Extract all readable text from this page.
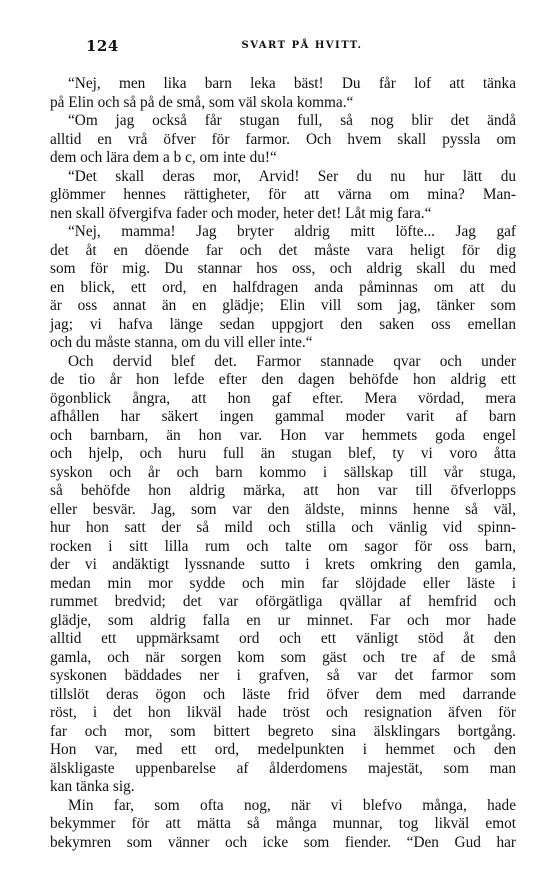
124	SVART PÅ HVITT.
“Nej, men lika barn leka bäst! Du får lof att tänka
på Elin och så på de små, som väl skola komma.“
“Om jag också får stugan full, så nog blir det ändå
alltid en vrå öfver för farmor. Och hvem skall pyssla om
dem och lära dem a b c, om inte du!“
“Det skall deras mor, Arvid! Ser du nu hur lätt du
glömmer hennes rättigheter, för att värna om mina? Man-
nen skall öfvergifva fader och moder, heter det! Låt mig fara.“
“Nej, mamma! Jag bryter aldrig mitt löfte... Jag gaf
det åt en döende far och det måste vara heligt för dig
som för mig. Du stannar hos oss, och aldrig skall du med
en blick, ett ord, en halfdragen anda påminnas om att du
är oss annat än en glädje; Elin vill som jag, tänker som
jag; vi hafva länge sedan uppgjort den saken oss emellan
och du måste stanna, om du vill eller inte.“
Och dervid blef det. Farmor stannade qvar och under
de tio år hon lefde efter den dagen behöfde hon aldrig ett
ögonblick ångra, att hon gaf efter. Mera vördad, mera
afhållen har säkert ingen gammal moder varit af barn
och barnbarn, än hon var. Hon var hemmets goda engel
och hjelp, och huru full än stugan blef, ty vi voro åtta
syskon och år och barn kommo i sällskap till vår stuga,
så behöfde hon aldrig märka, att hon var till öfverlopps
eller besvär. Jag, som var den äldste, minns henne så väl,
hur hon satt der så mild och stilla och vänlig vid spinn-
rocken i sitt lilla rum och talte om sagor för oss barn,
der vi andäktigt lyssnande sutto i krets omkring den gamla,
medan min mor sydde och min far slöjdade eller läste i
rummet bredvid; det var oförgätliga qvällar af hemfrid och
glädje, som aldrig falla en ur minnet. Far och mor hade
alltid ett uppmärksamt ord och ett vänligt stöd åt den
gamla, och när sorgen kom som gäst och tre af de små
syskonen bäddades ner i grafven, så var det farmor som
tillslöt deras ögon och läste frid öfver dem med darrande
röst, i det hon likväl hade tröst och resignation äfven för
far och mor, som bittert begreto sina älsklingars bortgång.
Hon var, med ett ord, medelpunkten i hemmet och den
älskligaste uppenbarelse af ålderdomens majestät, som man
kan tänka sig.
Min far, som ofta nog, när vi blefvo många, hade
bekymmer för att mätta så många munnar, tog likväl emot
bekymren som vänner och icke som fiender. “Den Gud har
